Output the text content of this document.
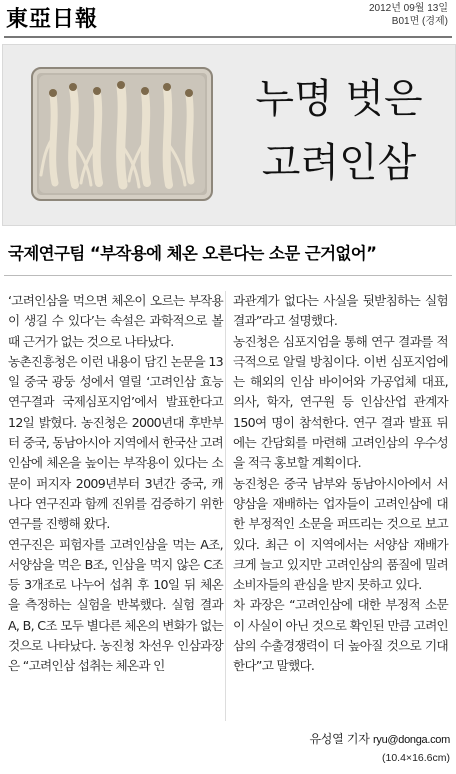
東亞日報	2012년 09월 13일
B01면 (경제)
누명 벗은
고려인삼
국제연구팀 “부작용에 체온 오른다는 소문 근거없어”

‘고려인삼을 먹으면 체온이 오르는 부작용이 생길 수 있다’는 속설은 과학적으로 볼 때 근거가 없는 것으로 나타났다.

농촌진흥청은 이런 내용이 담긴 논문을 13일 중국 광둥 성에서 열릴 ‘고려인삼 효능연구결과 국제심포지엄’에서 발표한다고 12일 밝혔다. 농진청은 2000년대 후반부터 중국, 동남아시아 지역에서 한국산 고려인삼에 체온을 높이는 부작용이 있다는 소문이 퍼지자 2009년부터 3년간 중국, 캐나다 연구진과 함께 진위를 검증하기 위한 연구를 진행해 왔다.

연구진은 피험자를 고려인삼을 먹는 A조, 서양삼을 먹은 B조, 인삼을 먹지 않은 C조 등 3개조로 나누어 섭취 후 10일 뒤 체온을 측정하는 실험을 반복했다. 실험 결과 A, B, C조 모두 별다른 체온의 변화가 없는 것으로 나타났다. 농진청 차선우 인삼과장은 “고려인삼 섭취는 체온과 인

과관계가 없다는 사실을 뒷받침하는 실험 결과”라고 설명했다.

농진청은 심포지엄을 통해 연구 결과를 적극적으로 알릴 방침이다. 이번 심포지엄에는 해외의 인삼 바이어와 가공업체 대표, 의사, 학자, 연구원 등 인삼산업 관계자 150여 명이 참석한다. 연구 결과 발표 뒤에는 간담회를 마련해 고려인삼의 우수성을 적극 홍보할 계획이다.

농진청은 중국 남부와 동남아시아에서 서양삼을 재배하는 업자들이 고려인삼에 대한 부정적인 소문을 퍼뜨리는 것으로 보고 있다. 최근 이 지역에서는 서양삼 재배가 크게 늘고 있지만 고려인삼의 품질에 밀려 소비자들의 관심을 받지 못하고 있다.

차 과장은 “고려인삼에 대한 부정적 소문이 사실이 아닌 것으로 확인된 만큼 고려인삼의 수출경쟁력이 더 높아질 것으로 기대한다”고 말했다.

유성열 기자 ryu@donga.com
(10.4×16.6cm)
